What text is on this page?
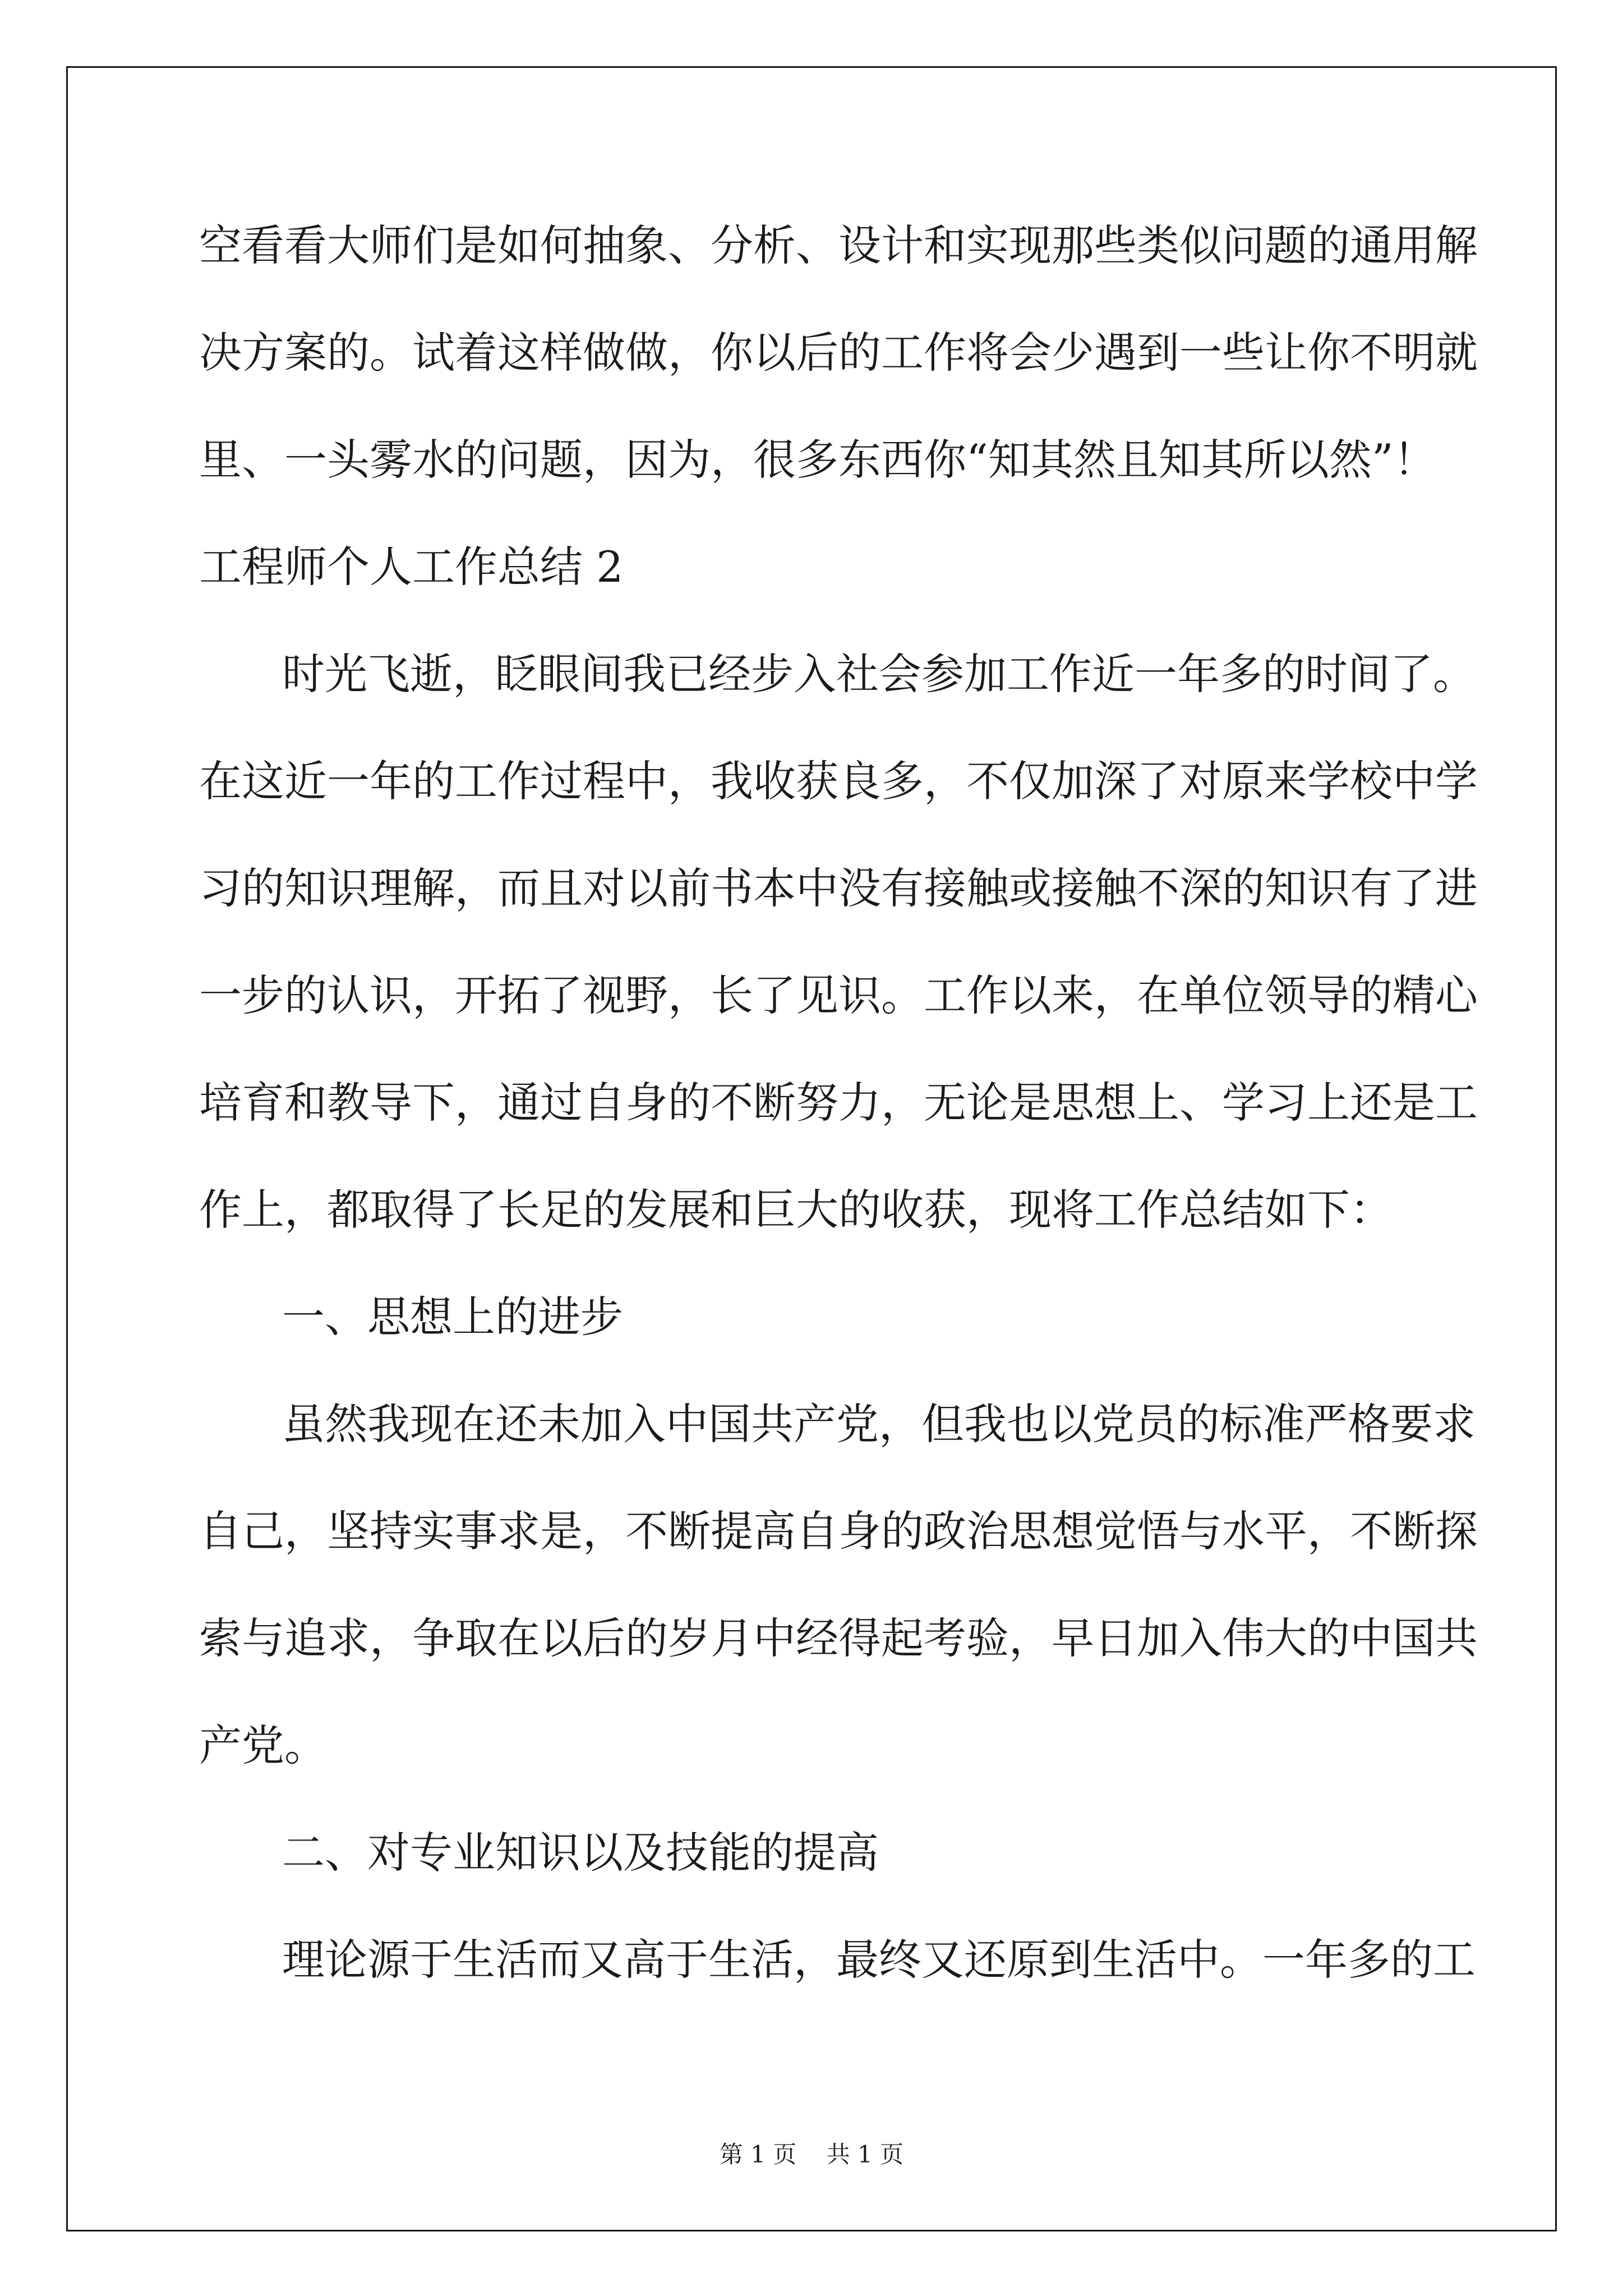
空看看大师们是如何抽象、分析、设计和实现那些类似问题的通用解
决方案的。试着这样做做，你以后的工作将会少遇到一些让你不明就
里、一头雾水的问题，因为，很多东西你“知其然且知其所以然”！
工程师个人工作总结 2
时光飞逝，眨眼间我已经步入社会参加工作近一年多的时间了。
在这近一年的工作过程中，我收获良多，不仅加深了对原来学校中学
习的知识理解，而且对以前书本中没有接触或接触不深的知识有了进
一步的认识，开拓了视野，长了见识。工作以来，在单位领导的精心
培育和教导下，通过自身的不断努力，无论是思想上、学习上还是工
作上，都取得了长足的发展和巨大的收获，现将工作总结如下：
一、思想上的进步
虽然我现在还未加入中国共产党，但我也以党员的标准严格要求
自己，坚持实事求是，不断提高自身的政治思想觉悟与水平，不断探
索与追求，争取在以后的岁月中经得起考验，早日加入伟大的中国共
产党。
二、对专业知识以及技能的提高
理论源于生活而又高于生活，最终又还原到生活中。一年多的工
第 1 页    共 1 页
